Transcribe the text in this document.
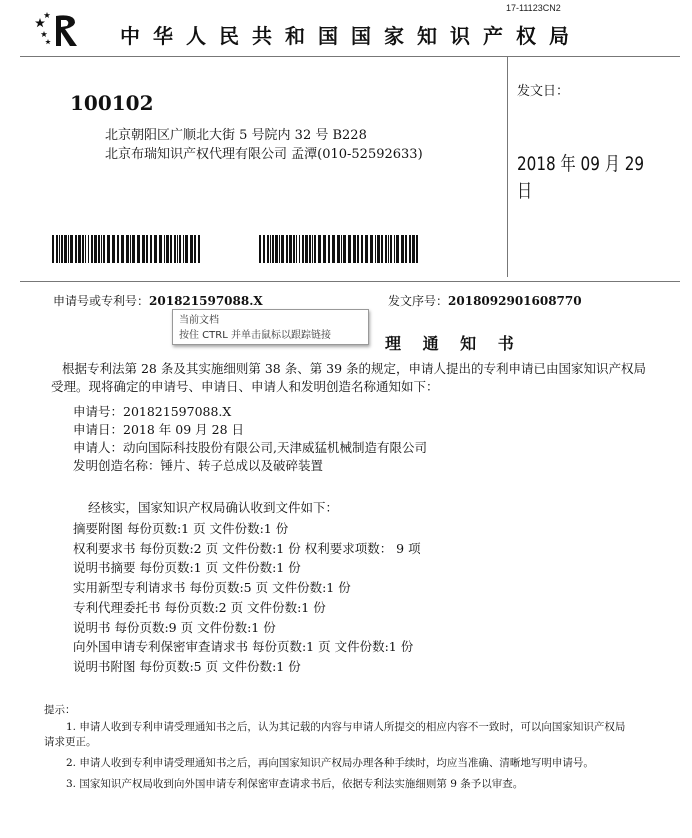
17-11123CN2
中华人民共和国国家知识产权局
100102
北京朝阳区广顺北大街 5 号院内 32 号 B228
北京布瑞知识产权代理有限公司 孟潭(010-52592633)
发文日：
2018 年 09 月 29 日
申请号或专利号：201821597088.X	发文序号：2018092901608770
理 通 知 书
当前文档
按住 CTRL 并单击鼠标以跟踪链接
根据专利法第 28 条及其实施细则第 38 条、第 39 条的规定，申请人提出的专利申请已由国家知识产权局
受理。现将确定的申请号、申请日、申请人和发明创造名称通知如下：
申请号：201821597088.X
申请日：2018 年 09 月 28 日
申请人：动向国际科技股份有限公司,天津威猛机械制造有限公司
发明创造名称：锤片、转子总成以及破碎装置
经核实，国家知识产权局确认收到文件如下：
摘要附图 每份页数:1 页 文件份数:1 份
权利要求书 每份页数:2 页 文件份数:1 份 权利要求项数： 9 项
说明书摘要 每份页数:1 页 文件份数:1 份
实用新型专利请求书 每份页数:5 页 文件份数:1 份
专利代理委托书 每份页数:2 页 文件份数:1 份
说明书 每份页数:9 页 文件份数:1 份
向外国申请专利保密审查请求书 每份页数:1 页 文件份数:1 份
说明书附图 每份页数:5 页 文件份数:1 份
提示：
1. 申请人收到专利申请受理通知书之后，认为其记载的内容与申请人所提交的相应内容不一致时，可以向国家知识产权局
请求更正。
2. 申请人收到专利申请受理通知书之后，再向国家知识产权局办理各种手续时，均应当准确、清晰地写明申请号。
3. 国家知识产权局收到向外国申请专利保密审查请求书后，依据专利法实施细则第 9 条予以审查。
